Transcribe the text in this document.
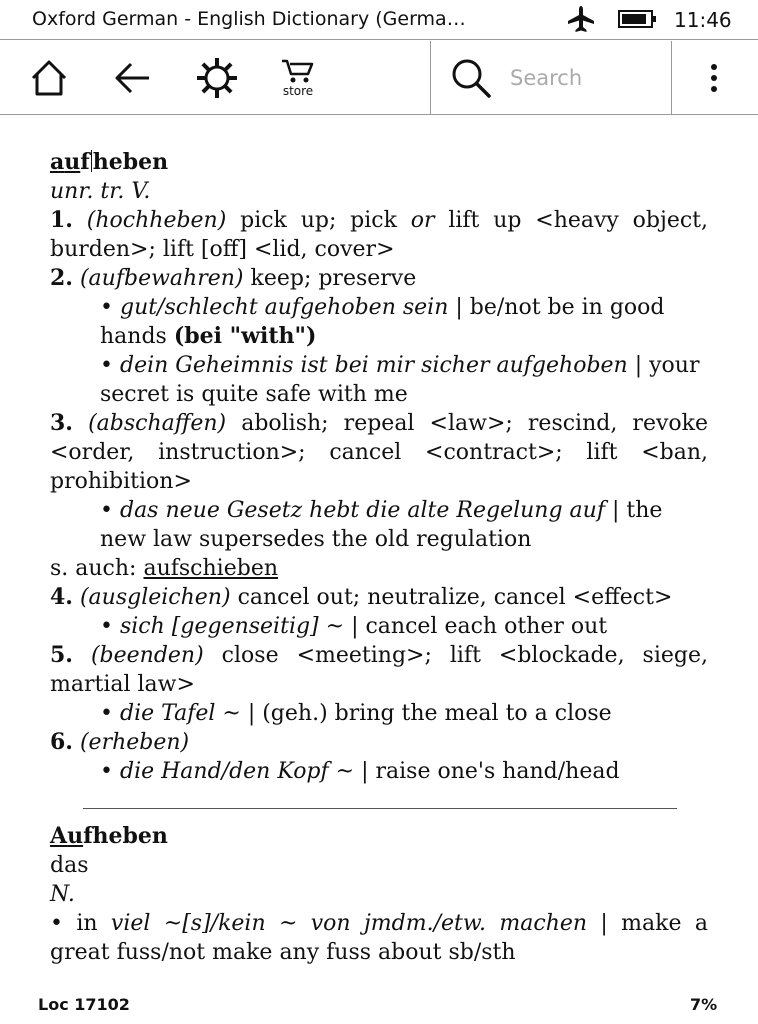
Oxford German - English Dictionary (Germa…	11:46
store
Search
auf heben
unr. tr. V.
1. (hochheben) pick up; pick or lift up <heavy object,
burden>; lift [off] <lid, cover>
2. (aufbewahren) keep; preserve
• gut/schlecht aufgehoben sein | be/not be in good
hands (bei "with")
• dein Geheimnis ist bei mir sicher aufgehoben | your
secret is quite safe with me
3. (abschaffen) abolish; repeal <law>; rescind, revoke
<order, instruction>; cancel <contract>; lift <ban,
prohibition>
• das neue Gesetz hebt die alte Regelung auf | the
new law supersedes the old regulation
s. auch: aufschieben
4. (ausgleichen) cancel out; neutralize, cancel <effect>
• sich [gegenseitig] ~ | cancel each other out
5. (beenden) close <meeting>; lift <blockade, siege,
martial law>
• die Tafel ~ | (geh.) bring the meal to a close
6. (erheben)
• die Hand/den Kopf ~ | raise one's hand/head
Aufheben
das
N.
• in viel ~[s]/kein ~ von jmdm./etw. machen | make a
great fuss/not make any fuss about sb/sth
Loc 17102	7%
